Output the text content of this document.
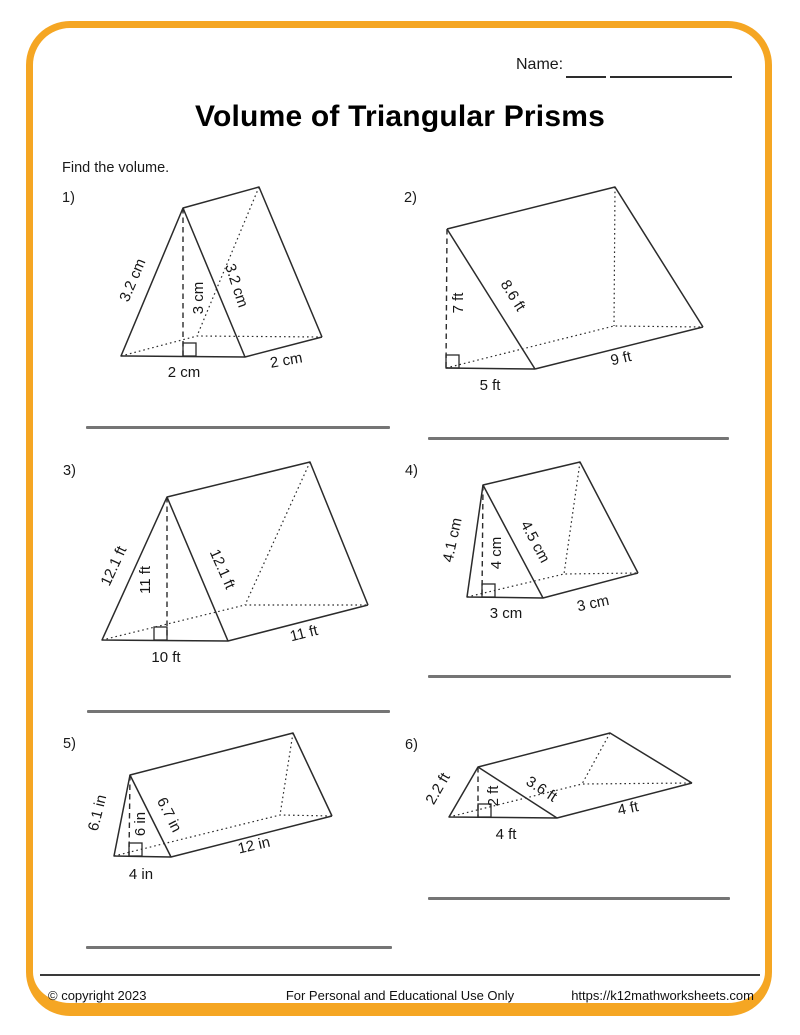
Name:
Volume of Triangular Prisms
Find the volume.
1)	2)
3)	4)
5)	6)
3.2 cm	3 cm 3.2 cm
2 cm
2 cm
7 ft 8.6 ft
5 ft
9 ft
12.1 ft 11 ft	12.1 ft
10 ft
11 ft
4.1 cm 4 cm 4.5 cm
3 cm	3 cm
6.1 in 6 in 6.7 in
4 in
12 in
2.2 ft 2 ft 3.6 ft
4 ft
4 ft
© copyright 2023	For Personal and Educational Use Only	https://k12mathworksheets.com
